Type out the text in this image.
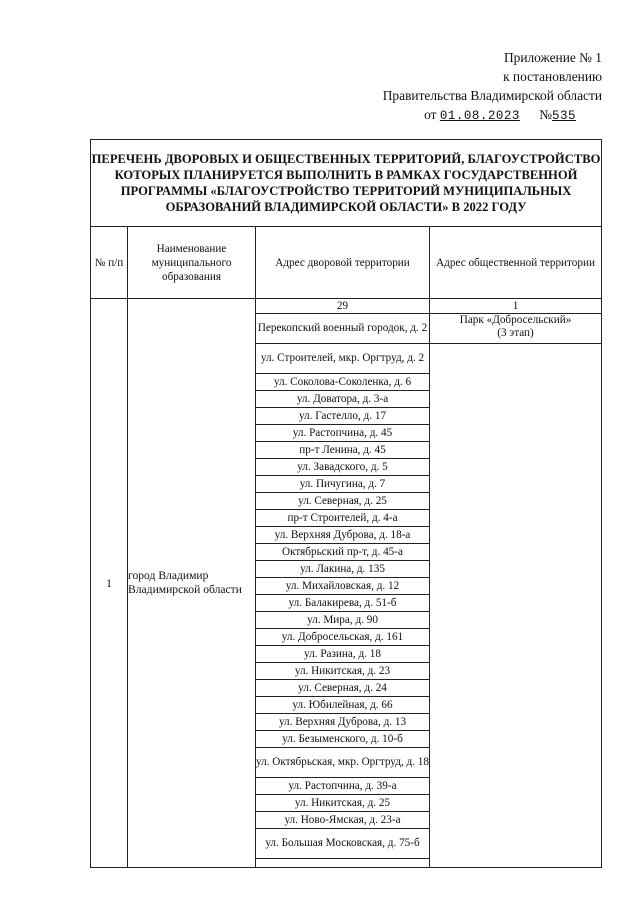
Приложение № 1
к постановлению
Правительства Владимирской области
от 01.08.2023 №535
ПЕРЕЧЕНЬ ДВОРОВЫХ И ОБЩЕСТВЕННЫХ ТЕРРИТОРИЙ, БЛАГОУСТРОЙСТВО КОТОРЫХ ПЛАНИРУЕТСЯ ВЫПОЛНИТЬ В РАМКАХ ГОСУДАРСТВЕННОЙ ПРОГРАММЫ «БЛАГОУСТРОЙСТВО ТЕРРИТОРИЙ МУНИЦИПАЛЬНЫХ ОБРАЗОВАНИЙ ВЛАДИМИРСКОЙ ОБЛАСТИ» В 2022 ГОДУ			
№ п/п	Наименование муниципального образования	Адрес дворовой территории	Адрес общественной территории
1	город Владимир Владимирской области	29	1
		Перекопский военный городок, д. 2	Парк «Добросельский»
(3 этап)

		ул. Строителей, мкр. Оргтруд, д. 2	
		ул. Соколова-Соколенка, д. 6	
		ул. Доватора, д. 3-а	
		ул. Гастелло, д. 17	
		ул. Растопчина, д. 45	
		пр-т Ленина, д. 45	
		ул. Завадского, д. 5	
		ул. Пичугина, д. 7	
		ул. Северная, д. 25	
		пр-т Строителей, д. 4-а	
		ул. Верхняя Дуброва, д. 18-а	
		Октябрьский пр-т, д. 45-а	
		ул. Лакина, д. 135	
		ул. Михайловская, д. 12	
		ул. Балакирева, д. 51-б	
		ул. Мира, д. 90	
		ул. Добросельская, д. 161	
		ул. Разина, д. 18	
		ул. Никитская, д. 23	
		ул. Северная, д. 24	
		ул. Юбилейная, д. 66	
		ул. Верхняя Дуброва, д. 13	
		ул. Безыменского, д. 10-б	
		ул. Октябрьская, мкр. Оргтруд, д. 18	
		ул. Растопчина, д. 39-а	
		ул. Никитская, д. 25	
		ул. Ново-Ямская, д. 23-а	
		ул. Большая Московская, д. 75-б	
